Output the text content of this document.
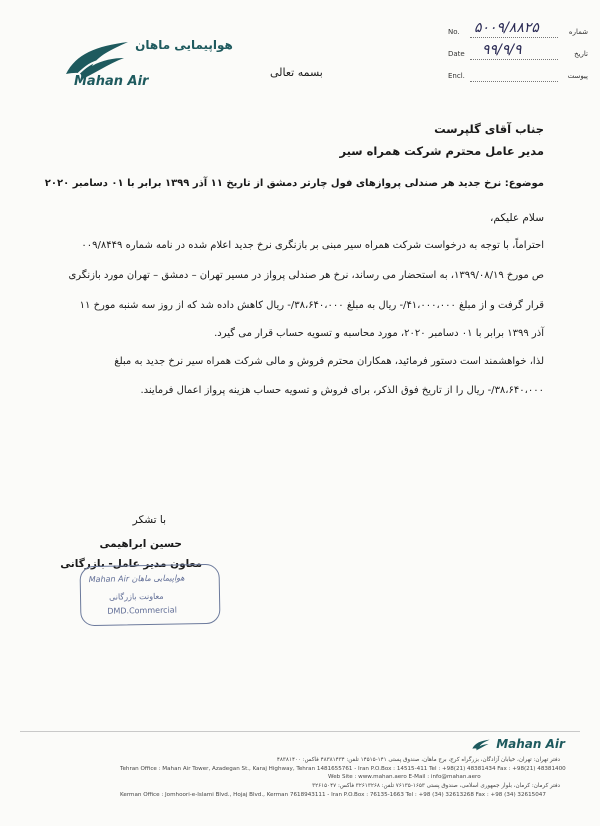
هواپیمایی ماهان
Mahan Air
بسمه تعالی
No. ۵۰۰۹/۸۸۲۵	شماره
Date ۹۹/۹/۹	تاریخ
Encl.	پیوست
جناب آقای گلپرست
مدیر عامل محترم شرکت همراه سیر
موضوع: نرخ جدید هر صندلی پروازهای فول چارتر دمشق از تاریخ ۱۱ آذر ۱۳۹۹ برابر با ۰۱ دسامبر ۲۰۲۰
سلام علیکم،
احتراماً، با توجه به درخواست شرکت همراه سیر مبنی بر بازنگری نرخ جدید اعلام شده در نامه شماره ۰۰۹/۸۴۴۹
ص مورخ ۱۳۹۹/۰۸/۱۹، به استحضار می رساند، نرخ هر صندلی پرواز در مسیر تهران – دمشق – تهران مورد بازنگری
قرار گرفت و از مبلغ ۴۱،۰۰۰،۰۰۰/- ریال به مبلغ ۳۸،۶۴۰،۰۰۰/- ریال کاهش داده شد که از روز سه شنبه مورخ ۱۱
آذر ۱۳۹۹ برابر با ۰۱ دسامبر ۲۰۲۰، مورد محاسبه و تسویه حساب قرار می گیرد.
لذا، خواهشمند است دستور فرمائید، همکاران محترم فروش و مالی شرکت همراه سیر نرخ جدید به مبلغ
۳۸،۶۴۰،۰۰۰/- ریال را از تاریخ فوق الذکر، برای فروش و تسویه حساب هزینه پرواز اعمال فرمایند.
با تشکر
حسین ابراهیمی
معاون مدیر عامل- بازرگانی
Mahan Air هواپیمایی ماهان
معاونت بازرگانی
DMD.Commercial
Mahan Air
دفتر تهران: تهران، خیابان آزادگان، بزرگراه کرج، برج ماهان، صندوق پستی ۱۴۱-۱۴۵۱۵ تلفن: ۴۸۳۸۱۴۳۴ فاکس: ۴۸۳۸۱۴۰۰
Tehran Office : Mahan Air Tower, Azadegan St., Karaj Highway, Tehran 1481655761 - Iran P.O.Box : 14515-411 Tel : +98(21) 48381434 Fax : +98(21) 48381400
Web Site : www.mahan.aero E-Mail : info@mahan.aero
دفتر کرمان: کرمان، بلوار جمهوری اسلامی، صندوق پستی ۱۶۵۳-۷۶۱۳۵ تلفن: ۳۲۶۱۳۲۶۸ فاکس: ۳۲۶۱۵۰۴۷
Kerman Office : Jomhoori-e-Islami Blvd., Hojaj Blvd., Kerman 7618943111 - Iran P.O.Box : 76135-1663 Tel : +98 (34) 32613268 Fax : +98 (34) 32615047
